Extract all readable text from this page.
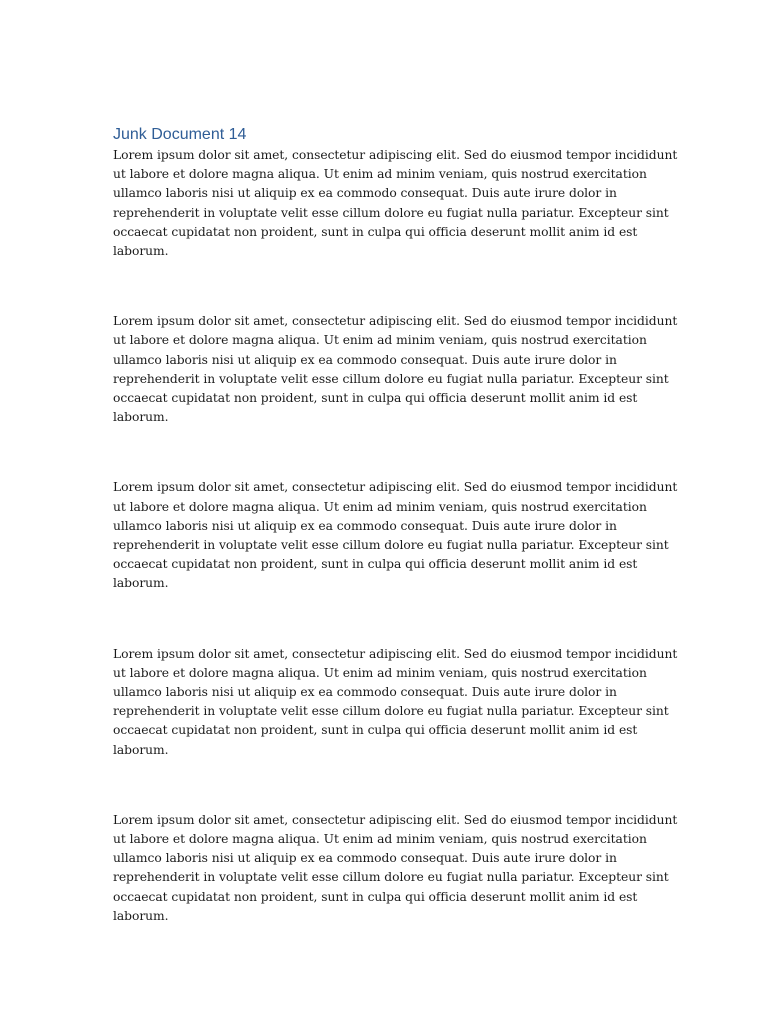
Junk Document 14

Lorem ipsum dolor sit amet, consectetur adipiscing elit. Sed do eiusmod tempor incididunt
ut labore et dolore magna aliqua. Ut enim ad minim veniam, quis nostrud exercitation
ullamco laboris nisi ut aliquip ex ea commodo consequat. Duis aute irure dolor in
reprehenderit in voluptate velit esse cillum dolore eu fugiat nulla pariatur. Excepteur sint
occaecat cupidatat non proident, sunt in culpa qui officia deserunt mollit anim id est
laborum.

Lorem ipsum dolor sit amet, consectetur adipiscing elit. Sed do eiusmod tempor incididunt
ut labore et dolore magna aliqua. Ut enim ad minim veniam, quis nostrud exercitation
ullamco laboris nisi ut aliquip ex ea commodo consequat. Duis aute irure dolor in
reprehenderit in voluptate velit esse cillum dolore eu fugiat nulla pariatur. Excepteur sint
occaecat cupidatat non proident, sunt in culpa qui officia deserunt mollit anim id est
laborum.

Lorem ipsum dolor sit amet, consectetur adipiscing elit. Sed do eiusmod tempor incididunt
ut labore et dolore magna aliqua. Ut enim ad minim veniam, quis nostrud exercitation
ullamco laboris nisi ut aliquip ex ea commodo consequat. Duis aute irure dolor in
reprehenderit in voluptate velit esse cillum dolore eu fugiat nulla pariatur. Excepteur sint
occaecat cupidatat non proident, sunt in culpa qui officia deserunt mollit anim id est
laborum.

Lorem ipsum dolor sit amet, consectetur adipiscing elit. Sed do eiusmod tempor incididunt
ut labore et dolore magna aliqua. Ut enim ad minim veniam, quis nostrud exercitation
ullamco laboris nisi ut aliquip ex ea commodo consequat. Duis aute irure dolor in
reprehenderit in voluptate velit esse cillum dolore eu fugiat nulla pariatur. Excepteur sint
occaecat cupidatat non proident, sunt in culpa qui officia deserunt mollit anim id est
laborum.

Lorem ipsum dolor sit amet, consectetur adipiscing elit. Sed do eiusmod tempor incididunt
ut labore et dolore magna aliqua. Ut enim ad minim veniam, quis nostrud exercitation
ullamco laboris nisi ut aliquip ex ea commodo consequat. Duis aute irure dolor in
reprehenderit in voluptate velit esse cillum dolore eu fugiat nulla pariatur. Excepteur sint
occaecat cupidatat non proident, sunt in culpa qui officia deserunt mollit anim id est
laborum.
